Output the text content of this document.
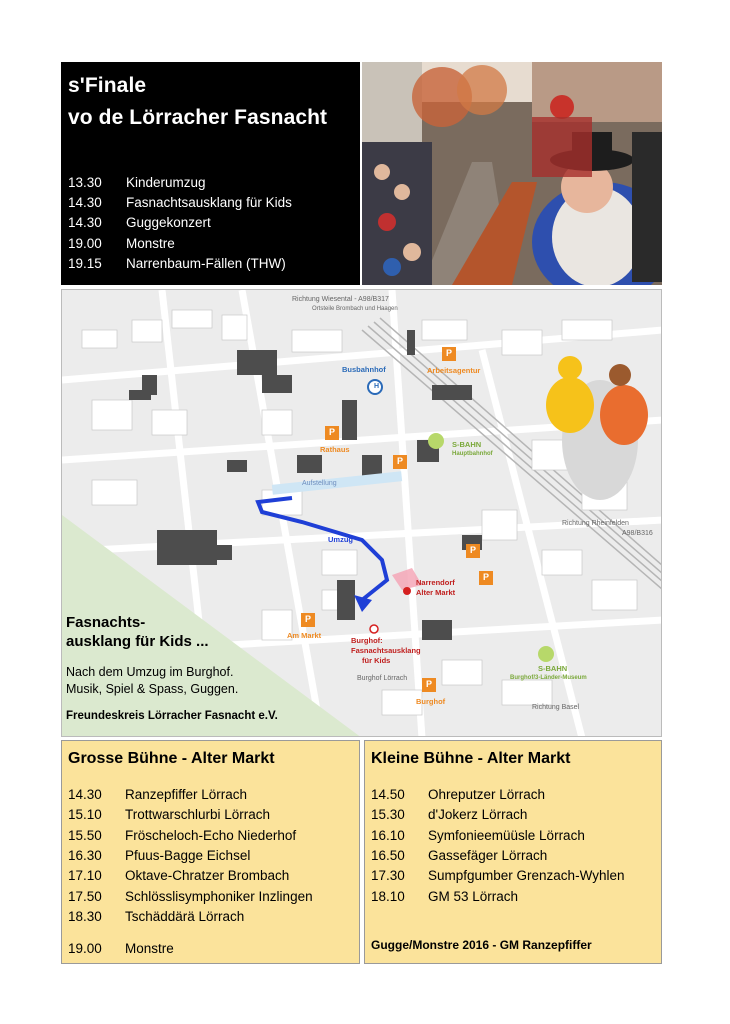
s'Finale
vo de Lörracher Fasnacht
13.30 Kinderumzug
14.30 Fasnachtsausklang für Kids
14.30 Guggekonzert
19.00 Monstre
19.15 Narrenbaum-Fällen (THW)
Richtung Wiesental - A98/B317
Ortsteile Brombach und Haagen
Richtung Rheinfelden
A98/B316
Richtung Basel
Busbahnhof
H
Arbeitsagentur
Rathaus
S-BAHN
Hauptbahnhof
Aufstellung
Umzug
Narrendorf
Alter Markt
Am Markt
Burghof:
Fasnachtsausklang
für Kids
Burghof Lörrach
Burghof
S-BAHN
Burghof/3-Länder-Museum
P
P
P
P
P
P
P
Fasnachts-
ausklang für Kids ...
Nach dem Umzug im Burghof.
Musik, Spiel & Spass, Guggen.
Freundeskreis Lörracher Fasnacht e.V.
Grosse Bühne - Alter Markt
14.30 Ranzepfiffer Lörrach
15.10 Trottwarschlurbi Lörrach
15.50 Fröscheloch-Echo Niederhof
16.30 Pfuus-Bagge Eichsel
17.10 Oktave-Chratzer Brombach
17.50 Schlösslisymphoniker Inzlingen
18.30 Tschäddärä Lörrach
19.00 Monstre
Kleine Bühne - Alter Markt
14.50 Ohreputzer Lörrach
15.30 d'Jokerz Lörrach
16.10 Symfonieemüüsle Lörrach
16.50 Gassefäger Lörrach
17.30 Sumpfgumber Grenzach-Wyhlen
18.10 GM 53 Lörrach
Gugge/Monstre 2016 - GM Ranzepfiffer
